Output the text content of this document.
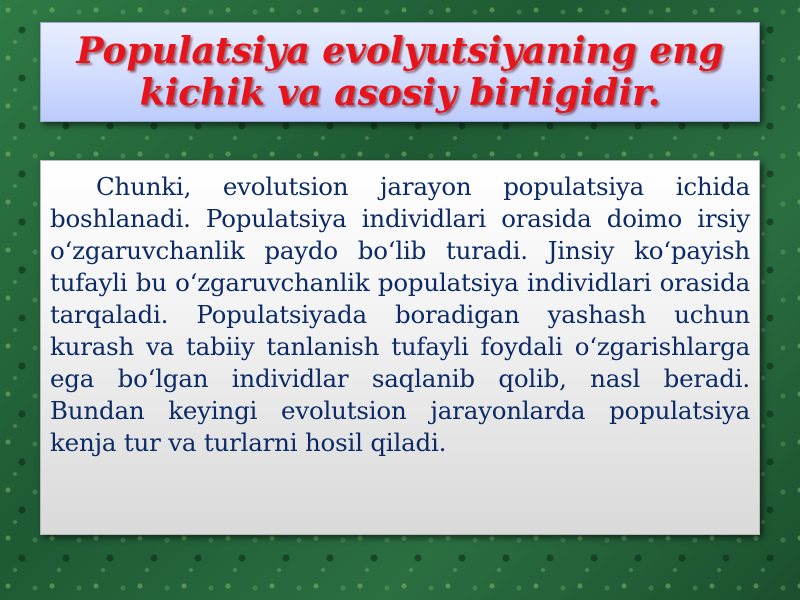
Populatsiya evolyutsiyaning eng kichik va asosiy birligidir.

Chunki, evolutsion jarayon populatsiya ichida boshlanadi. Populatsiya individlari orasida doimo irsiy o‘zgaruvchanlik paydo bo‘lib turadi. Jinsiy ko‘payish tufayli bu o‘zgaruvchanlik populatsiya individlari orasida tarqaladi. Populatsiyada boradigan yashash uchun kurash va tabiiy tanlanish tufayli foydali o‘zgarishlarga ega bo‘lgan individlar saqlanib qolib, nasl beradi. Bundan keyingi evolutsion jarayonlarda populatsiya kenja tur va turlarni hosil qiladi.
